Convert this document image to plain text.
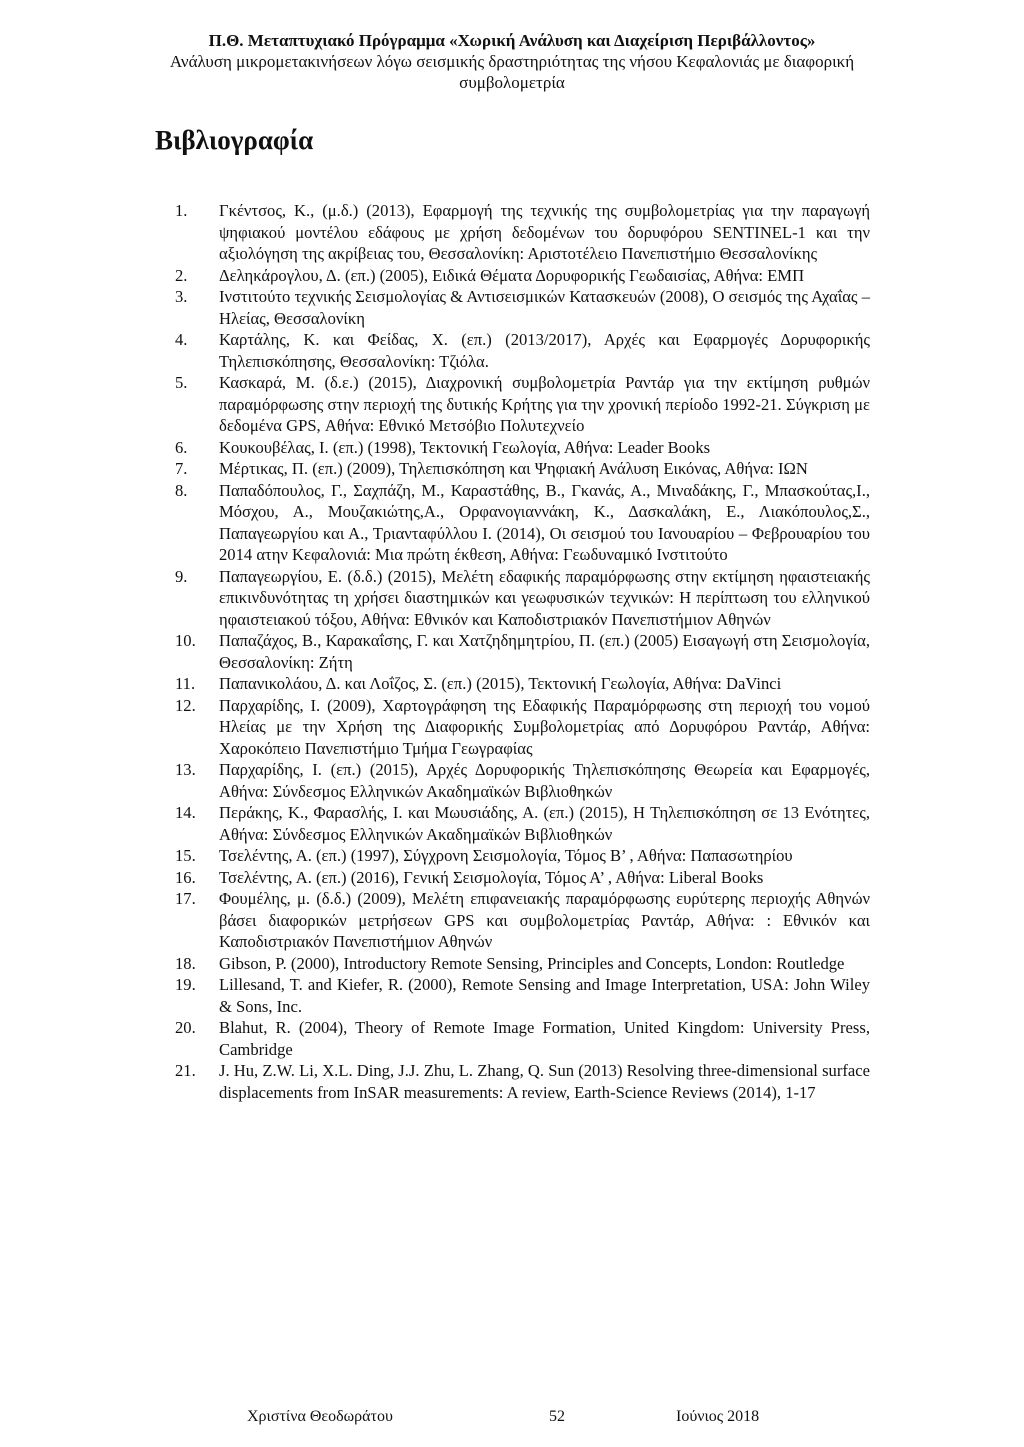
Π.Θ. Μεταπτυχιακό Πρόγραμμα «Χωρική Ανάλυση και Διαχείριση Περιβάλλοντος»
Ανάλυση μικρομετακινήσεων λόγω σεισμικής δραστηριότητας της νήσου Κεφαλονιάς με διαφορική
συμβολομετρία
Βιβλιογραφία
1.	Γκέντσος, Κ., (μ.δ.) (2013), Εφαρμογή της τεχνικής της συμβολομετρίας για την παραγωγή ψηφιακού μοντέλου εδάφους με χρήση δεδομένων του δορυφόρου SENTINEL-1 και την αξιολόγηση της ακρίβειας του, Θεσσαλονίκη: Αριστοτέλειο Πανεπιστήμιο Θεσσαλονίκης
2.	Δεληκάρογλου, Δ. (επ.) (2005), Ειδικά Θέματα Δορυφορικής Γεωδαισίας, Αθήνα: ΕΜΠ
3.	Ινστιτούτο τεχνικής Σεισμολογίας & Αντισεισμικών Κατασκευών (2008), Ο σεισμός της Αχαΐας – Ηλείας, Θεσσαλονίκη
4.	Καρτάλης, Κ. και Φείδας, Χ. (επ.) (2013/2017), Αρχές και Εφαρμογές Δορυφορικής Τηλεπισκόπησης, Θεσσαλονίκη: Τζιόλα.
5.	Κασκαρά, Μ. (δ.ε.) (2015), Διαχρονική συμβολομετρία Ραντάρ για την εκτίμηση ρυθμών παραμόρφωσης στην περιοχή της δυτικής Κρήτης για την χρονική περίοδο 1992-21. Σύγκριση με δεδομένα GPS, Αθήνα: Εθνικό Μετσόβιο Πολυτεχνείο
6.	Κουκουβέλας, Ι. (επ.) (1998), Τεκτονική Γεωλογία, Αθήνα: Leader Books
7.	Μέρτικας, Π. (επ.) (2009), Τηλεπισκόπηση και Ψηφιακή Ανάλυση Εικόνας, Αθήνα: ΙΩΝ
8.	Παπαδόπουλος, Γ., Σαχπάζη, Μ., Καραστάθης, Β., Γκανάς, Α., Μιναδάκης, Γ., Μπασκούτας,Ι., Μόσχου, Α., Μουζακιώτης,Α., Ορφανογιαννάκη, Κ., Δασκαλάκη, Ε., Λιακόπουλος,Σ., Παπαγεωργίου και Α., Τριανταφύλλου Ι. (2014), Οι σεισμού του Ιανουαρίου – Φεβρουαρίου του 2014 ατην Κεφαλονιά: Μια πρώτη έκθεση, Αθήνα: Γεωδυναμικό Ινστιτούτο
9.	Παπαγεωργίου, Ε. (δ.δ.) (2015), Μελέτη εδαφικής παραμόρφωσης στην εκτίμηση ηφαιστειακής επικινδυνότητας τη χρήσει διαστημικών και γεωφυσικών τεχνικών: Η περίπτωση του ελληνικού ηφαιστειακού τόξου, Αθήνα: Εθνικόν και Καποδιστριακόν Πανεπιστήμιον Αθηνών
10.	Παπαζάχος, Β., Καρακαΐσης, Γ. και Χατζηδημητρίου, Π. (επ.) (2005) Εισαγωγή στη Σεισμολογία, Θεσσαλονίκη: Ζήτη
11.	Παπανικολάου, Δ. και Λοΐζος, Σ. (επ.) (2015), Τεκτονική Γεωλογία, Αθήνα: DaVinci
12.	Παρχαρίδης, Ι. (2009), Χαρτογράφηση της Εδαφικής Παραμόρφωσης στη περιοχή του νομού Ηλείας με την Χρήση της Διαφορικής Συμβολομετρίας από Δορυφόρου Ραντάρ, Αθήνα: Χαροκόπειο Πανεπιστήμιο Τμήμα Γεωγραφίας
13.	Παρχαρίδης, Ι. (επ.) (2015), Αρχές Δορυφορικής Τηλεπισκόπησης Θεωρεία και Εφαρμογές, Αθήνα: Σύνδεσμος Ελληνικών Ακαδημαϊκών Βιβλιοθηκών
14.	Περάκης, Κ., Φαρασλής, Ι. και Μωυσιάδης, Α. (επ.) (2015), Η Τηλεπισκόπηση σε 13 Ενότητες, Αθήνα: Σύνδεσμος Ελληνικών Ακαδημαϊκών Βιβλιοθηκών
15.	Τσελέντης, Α. (επ.) (1997), Σύγχρονη Σεισμολογία, Τόμος Β’ , Αθήνα: Παπασωτηρίου
16.	Τσελέντης, Α. (επ.) (2016), Γενική Σεισμολογία, Τόμος Α’ , Αθήνα: Liberal Books
17.	Φουμέλης, μ. (δ.δ.) (2009), Μελέτη επιφανειακής παραμόρφωσης ευρύτερης περιοχής Αθηνών βάσει διαφορικών μετρήσεων GPS και συμβολομετρίας Ραντάρ, Αθήνα: : Εθνικόν και Καποδιστριακόν Πανεπιστήμιον Αθηνών
18.	Gibson, P. (2000), Introductory Remote Sensing, Principles and Concepts, London: Routledge
19.	Lillesand, T. and Kiefer, R. (2000), Remote Sensing and Image Interpretation, USA: John Wiley & Sons, Inc.
20.	Blahut, R. (2004), Theory of Remote Image Formation, United Kingdom: University Press, Cambridge
21.	J. Hu, Z.W. Li, X.L. Ding, J.J. Zhu, L. Zhang, Q. Sun (2013) Resolving three-dimensional surface displacements from InSAR measurements: A review, Earth-Science Reviews (2014), 1-17
Χριστίνα Θεοδωράτου	52	Ιούνιος 2018
